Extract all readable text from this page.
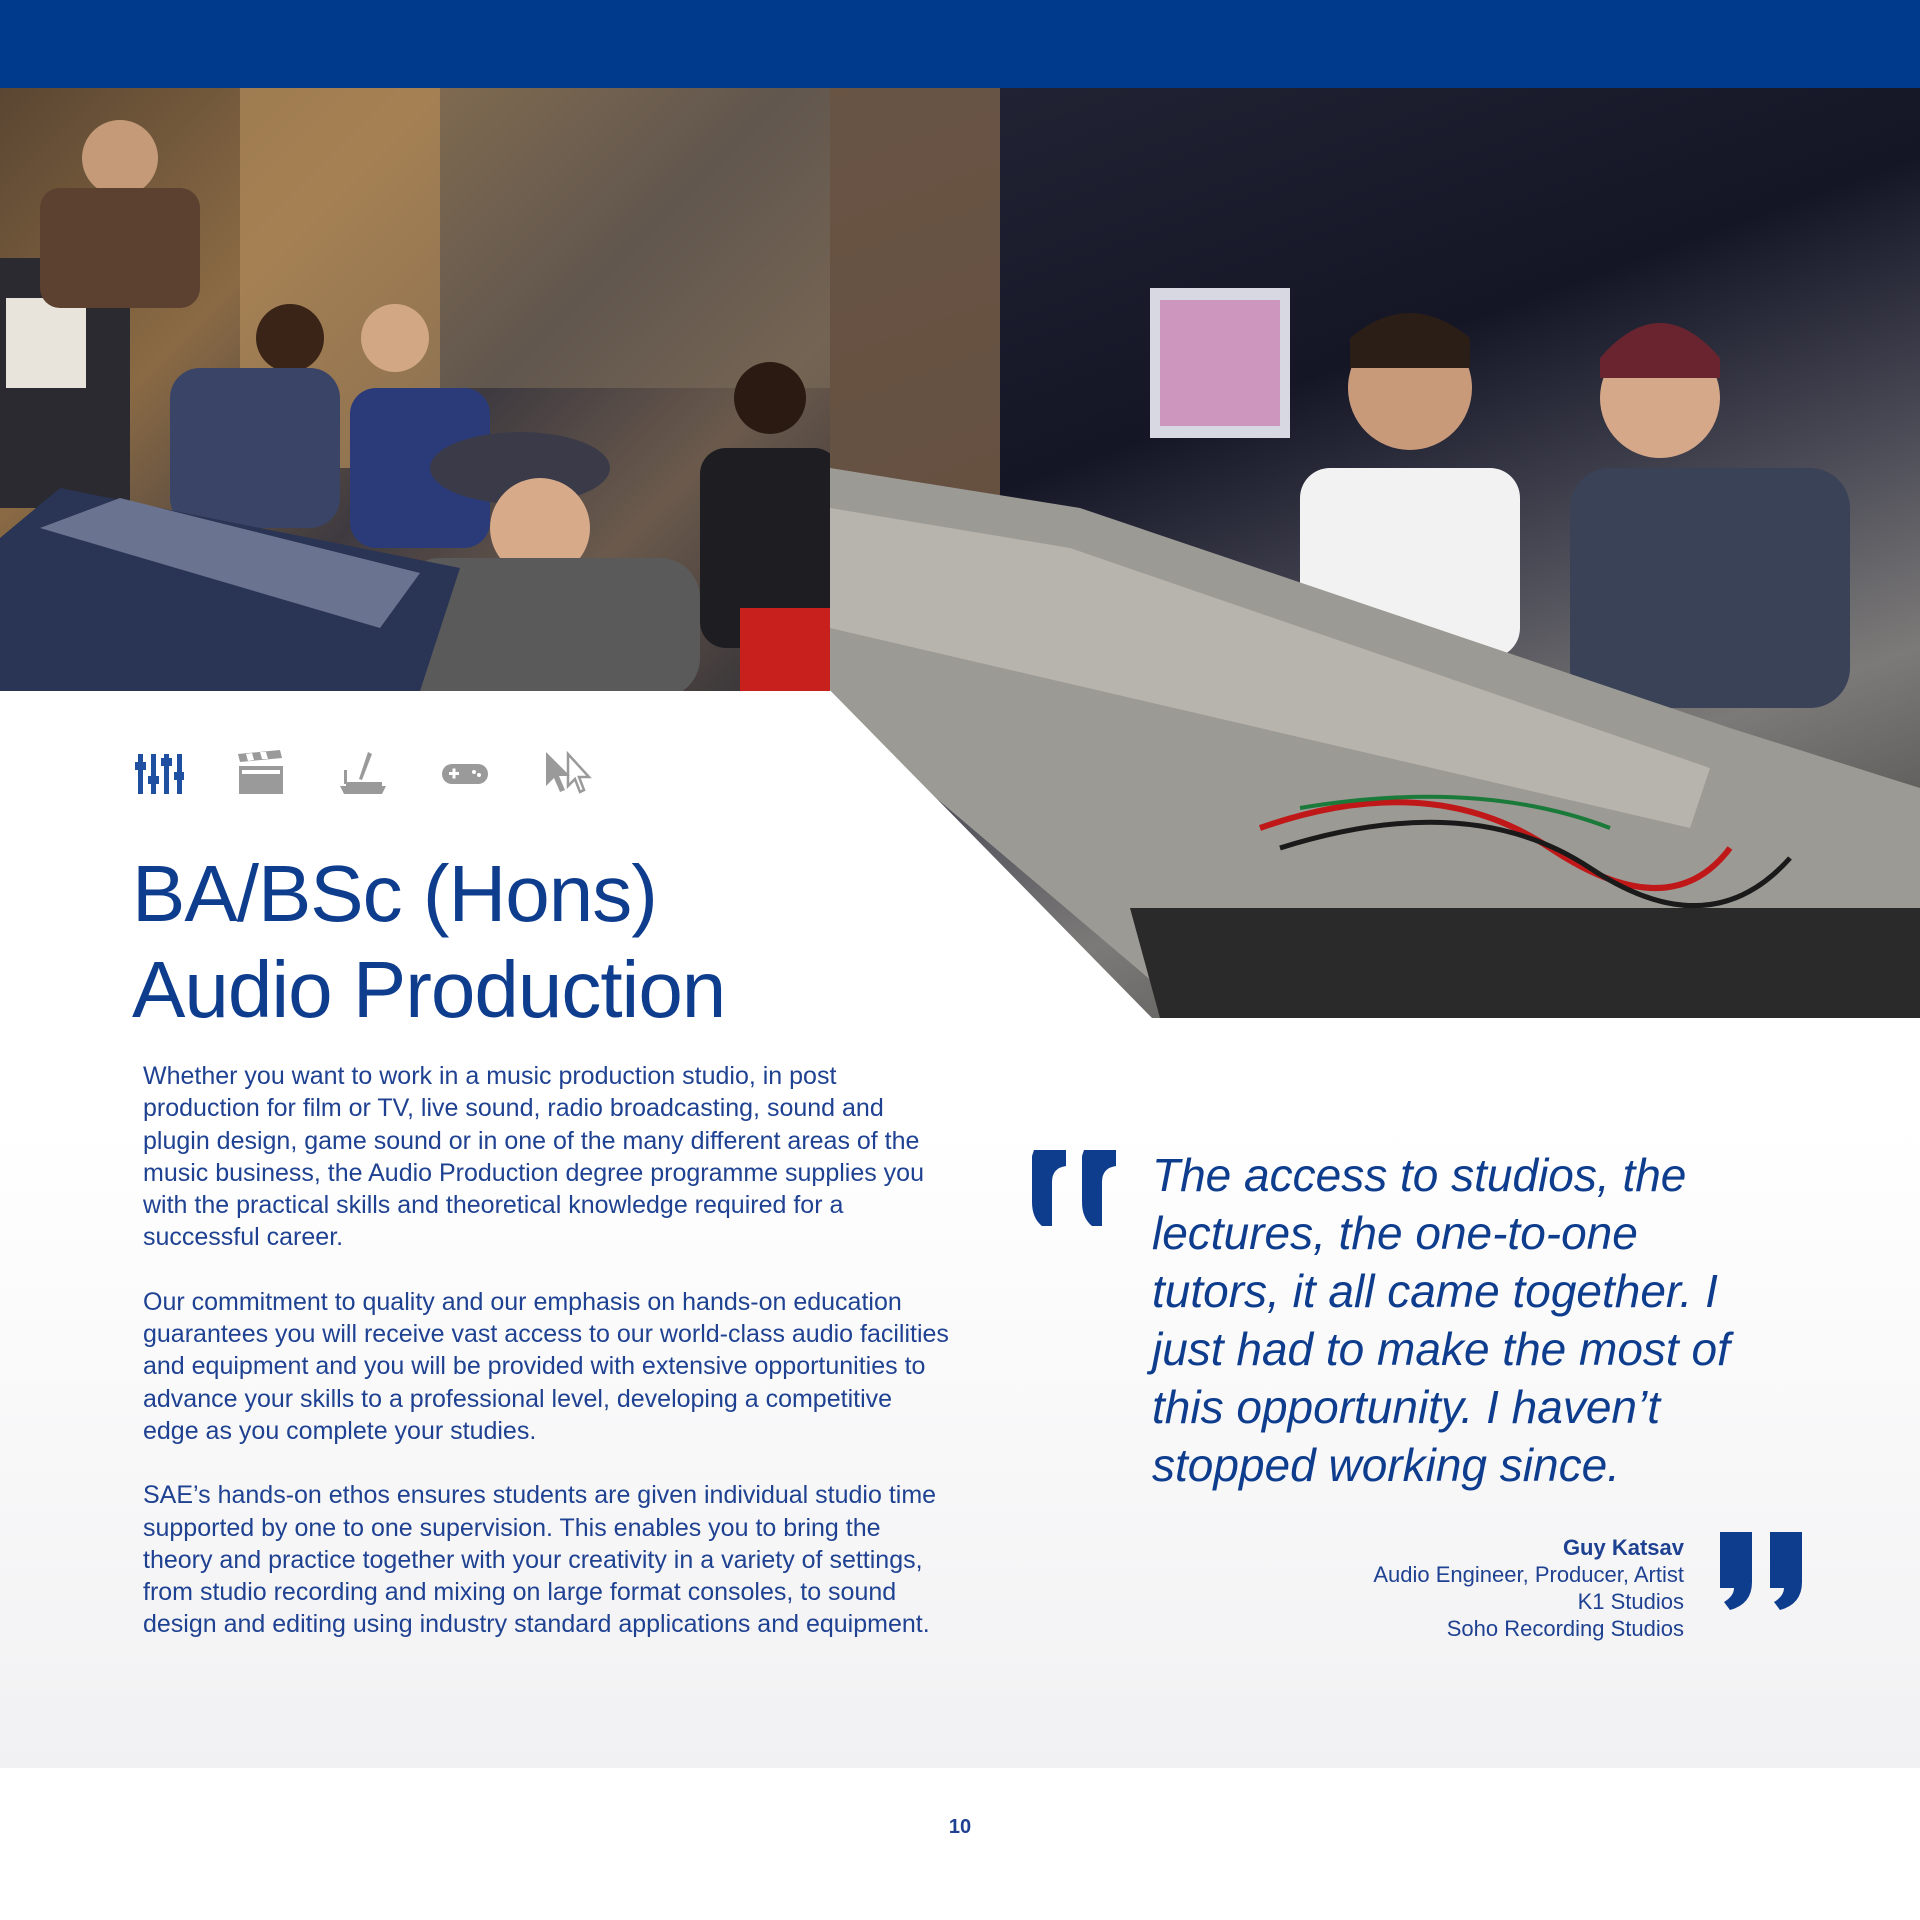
BA/BSc (Hons)
Audio Production

Whether you want to work in a music production studio, in post production for film or TV, live sound, radio broadcasting, sound and plugin design, game sound or in one of the many different areas of the music business, the Audio Production degree programme supplies you with the practical skills and theoretical knowledge required for a successful career.

Our commitment to quality and our emphasis on hands-on education guarantees you will receive vast access to our world-class audio facilities and equipment and you will be provided with extensive opportunities to advance your skills to a professional level, developing a competitive edge as you complete your studies.

SAE’s hands-on ethos ensures students are given individual studio time supported by one to one supervision. This enables you to bring the theory and practice together with your creativity in a variety of settings, from studio recording and mixing on large format consoles, to sound design and editing using industry standard applications and equipment.

The access to studios, the lectures, the one-to-one tutors, it all came together. I just had to make the most of this opportunity. I haven’t stopped working since.
Guy Katsav
Audio Engineer, Producer, Artist
K1 Studios
Soho Recording Studios
10
